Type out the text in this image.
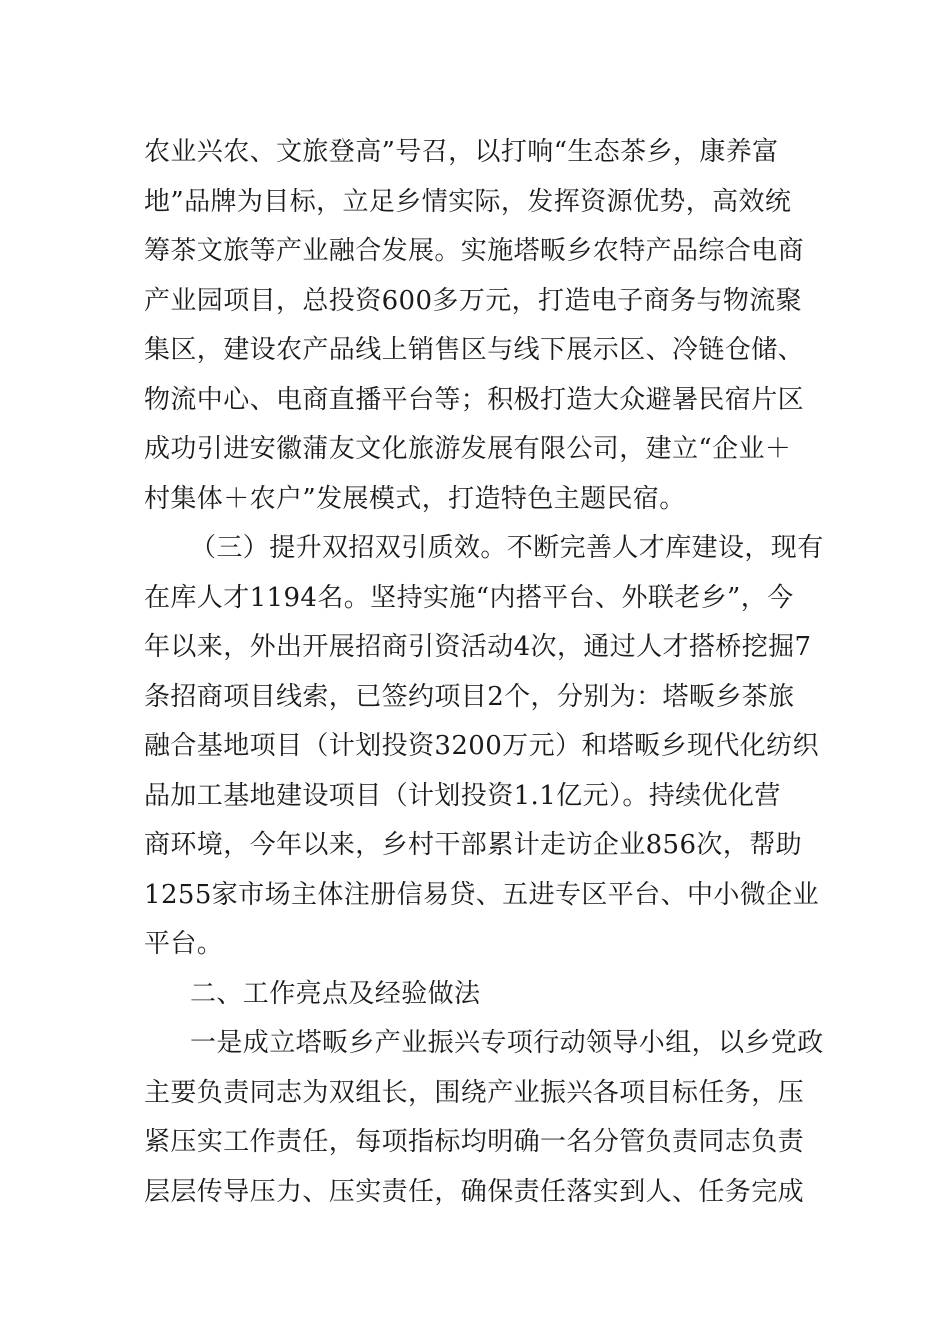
农业兴农、文旅登高”号召，以打响“生态茶乡，康养富
地”品牌为目标，立足乡情实际，发挥资源优势，高效统
筹茶文旅等产业融合发展。实施塔畈乡农特产品综合电商
产业园项目，总投资600多万元，打造电子商务与物流聚
集区，建设农产品线上销售区与线下展示区、冷链仓储、
物流中心、电商直播平台等；积极打造大众避暑民宿片区
成功引进安徽蒲友文化旅游发展有限公司，建立“企业＋
村集体＋农户”发展模式，打造特色主题民宿。
（三）提升双招双引质效。不断完善人才库建设，现有
在库人才1194名。坚持实施“内搭平台、外联老乡”，今
年以来，外出开展招商引资活动4次，通过人才搭桥挖掘7
条招商项目线索，已签约项目2个，分别为：塔畈乡茶旅
融合基地项目（计划投资3200万元）和塔畈乡现代化纺织
品加工基地建设项目（计划投资1.1亿元）。持续优化营
商环境，今年以来，乡村干部累计走访企业856次，帮助
1255家市场主体注册信易贷、五进专区平台、中小微企业
平台。
二、工作亮点及经验做法
一是成立塔畈乡产业振兴专项行动领导小组，以乡党政
主要负责同志为双组长，围绕产业振兴各项目标任务，压
紧压实工作责任，每项指标均明确一名分管负责同志负责
层层传导压力、压实责任，确保责任落实到人、任务完成
